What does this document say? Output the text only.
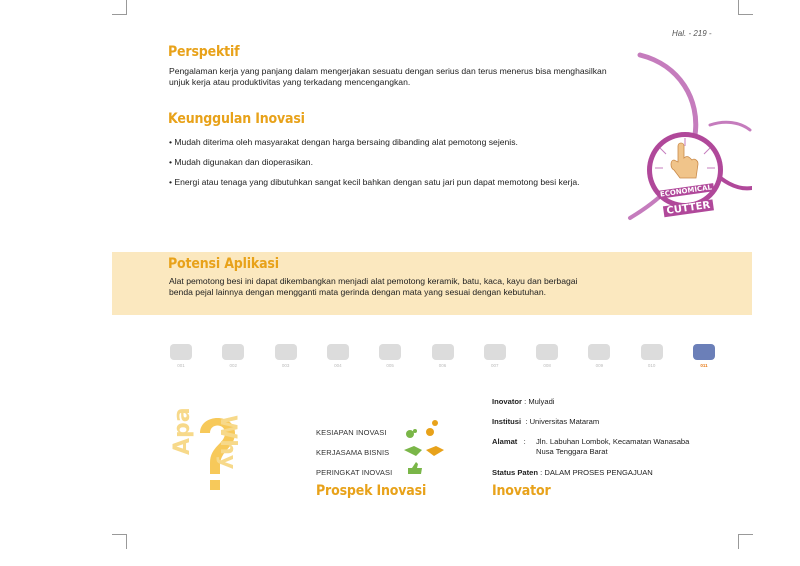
Hal. - 219 -
Perspektif
Pengalaman kerja yang panjang dalam mengerjakan sesuatu dengan serius dan terus menerus bisa menghasilkan
unjuk kerja atau produktivitas yang terkadang mencengangkan.
Keunggulan Inovasi
• Mudah diterima oleh masyarakat dengan harga bersaing dibanding alat pemotong sejenis.
• Mudah digunakan dan dioperasikan.
• Energi atau tenaga yang dibutuhkan sangat kecil bahkan dengan satu jari pun dapat memotong besi kerja.
ECONOMICAL
CUTTER
Potensi Aplikasi
Alat pemotong besi ini dapat dikembangkan menjadi alat pemotong keramik, batu, kaca, kayu dan berbagai
benda pejal lainnya dengan mengganti mata gerinda dengan mata yang sesuai dengan kebutuhan.
001	002	003	004	005	006	007	008	009	010	011
Apa Why	KESIAPAN INOVASI
KERJASAMA BISNIS
PERINGKAT INOVASI
Prospek Inovasi
Inovator : Mulyadi
Institusi  : Universitas Mataram
Alamat   : Jln. Labuhan Lombok, Kecamatan Wanasaba
Nusa Tenggara Barat
Status Paten : DALAM PROSES PENGAJUAN
Inovator
